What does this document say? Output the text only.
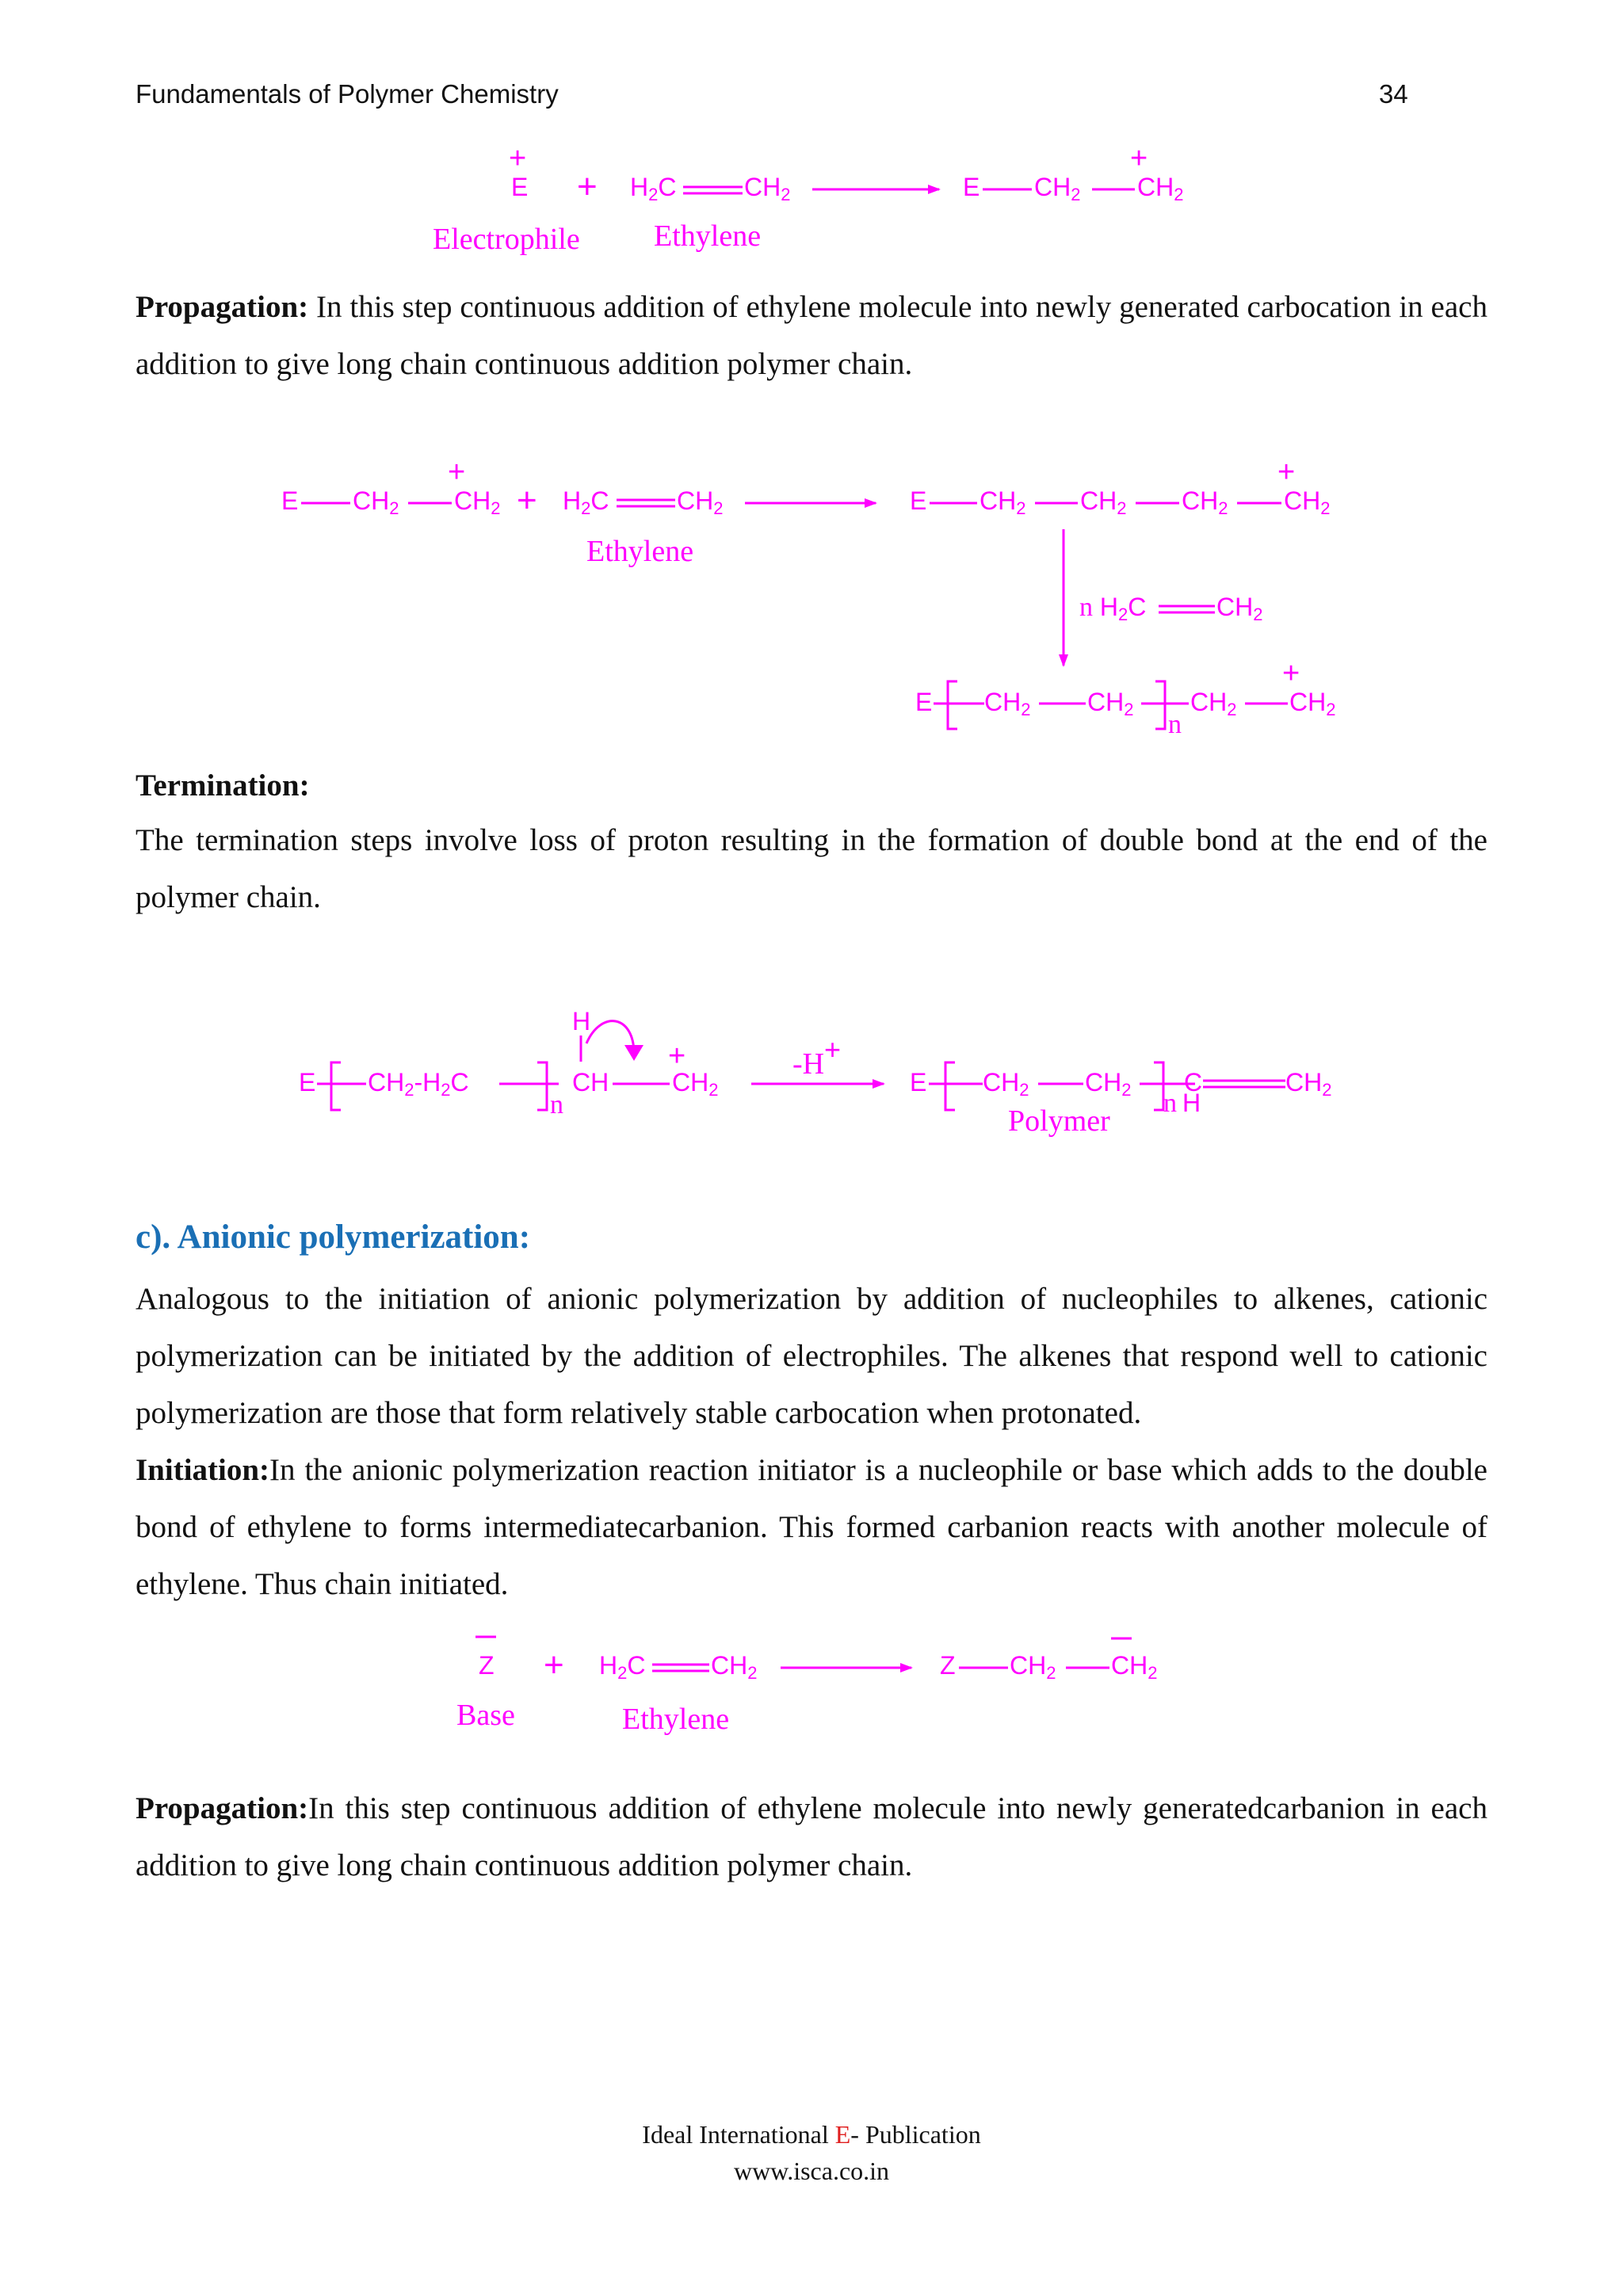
Fundamentals of Polymer Chemistry	34
+
E + H2C	CH2	E CH2
+
CH2
Electrophile Ethylene

Propagation: In this step continuous addition of ethylene molecule into newly generated carbocation in each addition to give long chain continuous addition polymer chain.

E CH2
+
CH2 + H2C	CH2	E CH2 CH2 CH2
+
CH2
n H2C	CH2
E CH2 CH2
n
CH2
+
CH2
Ethylene
Termination:

The termination steps involve loss of proton resulting in the formation of double bond at the end of the polymer chain.

E CH2-H2C
n
H
CH
+
CH2
-H +
E CH2 CH2 n H
C	CH2
Polymer
c). Anionic polymerization:

Analogous to the initiation of anionic polymerization by addition of nucleophiles to alkenes, cationic polymerization can be initiated by the addition of electrophiles. The alkenes that respond well to cationic polymerization are those that form relatively stable carbocation when protonated.

Initiation:In the anionic polymerization reaction initiator is a nucleophile or base which adds to the double bond of ethylene to forms intermediatecarbanion. This formed carbanion reacts with another molecule of ethylene. Thus chain initiated.

Z + H2C	CH2	Z CH2 CH2
Base	Ethylene

Propagation:In this step continuous addition of ethylene molecule into newly generatedcarbanion in each addition to give long chain continuous addition polymer chain.

Ideal International E- Publication
www.isca.co.in
